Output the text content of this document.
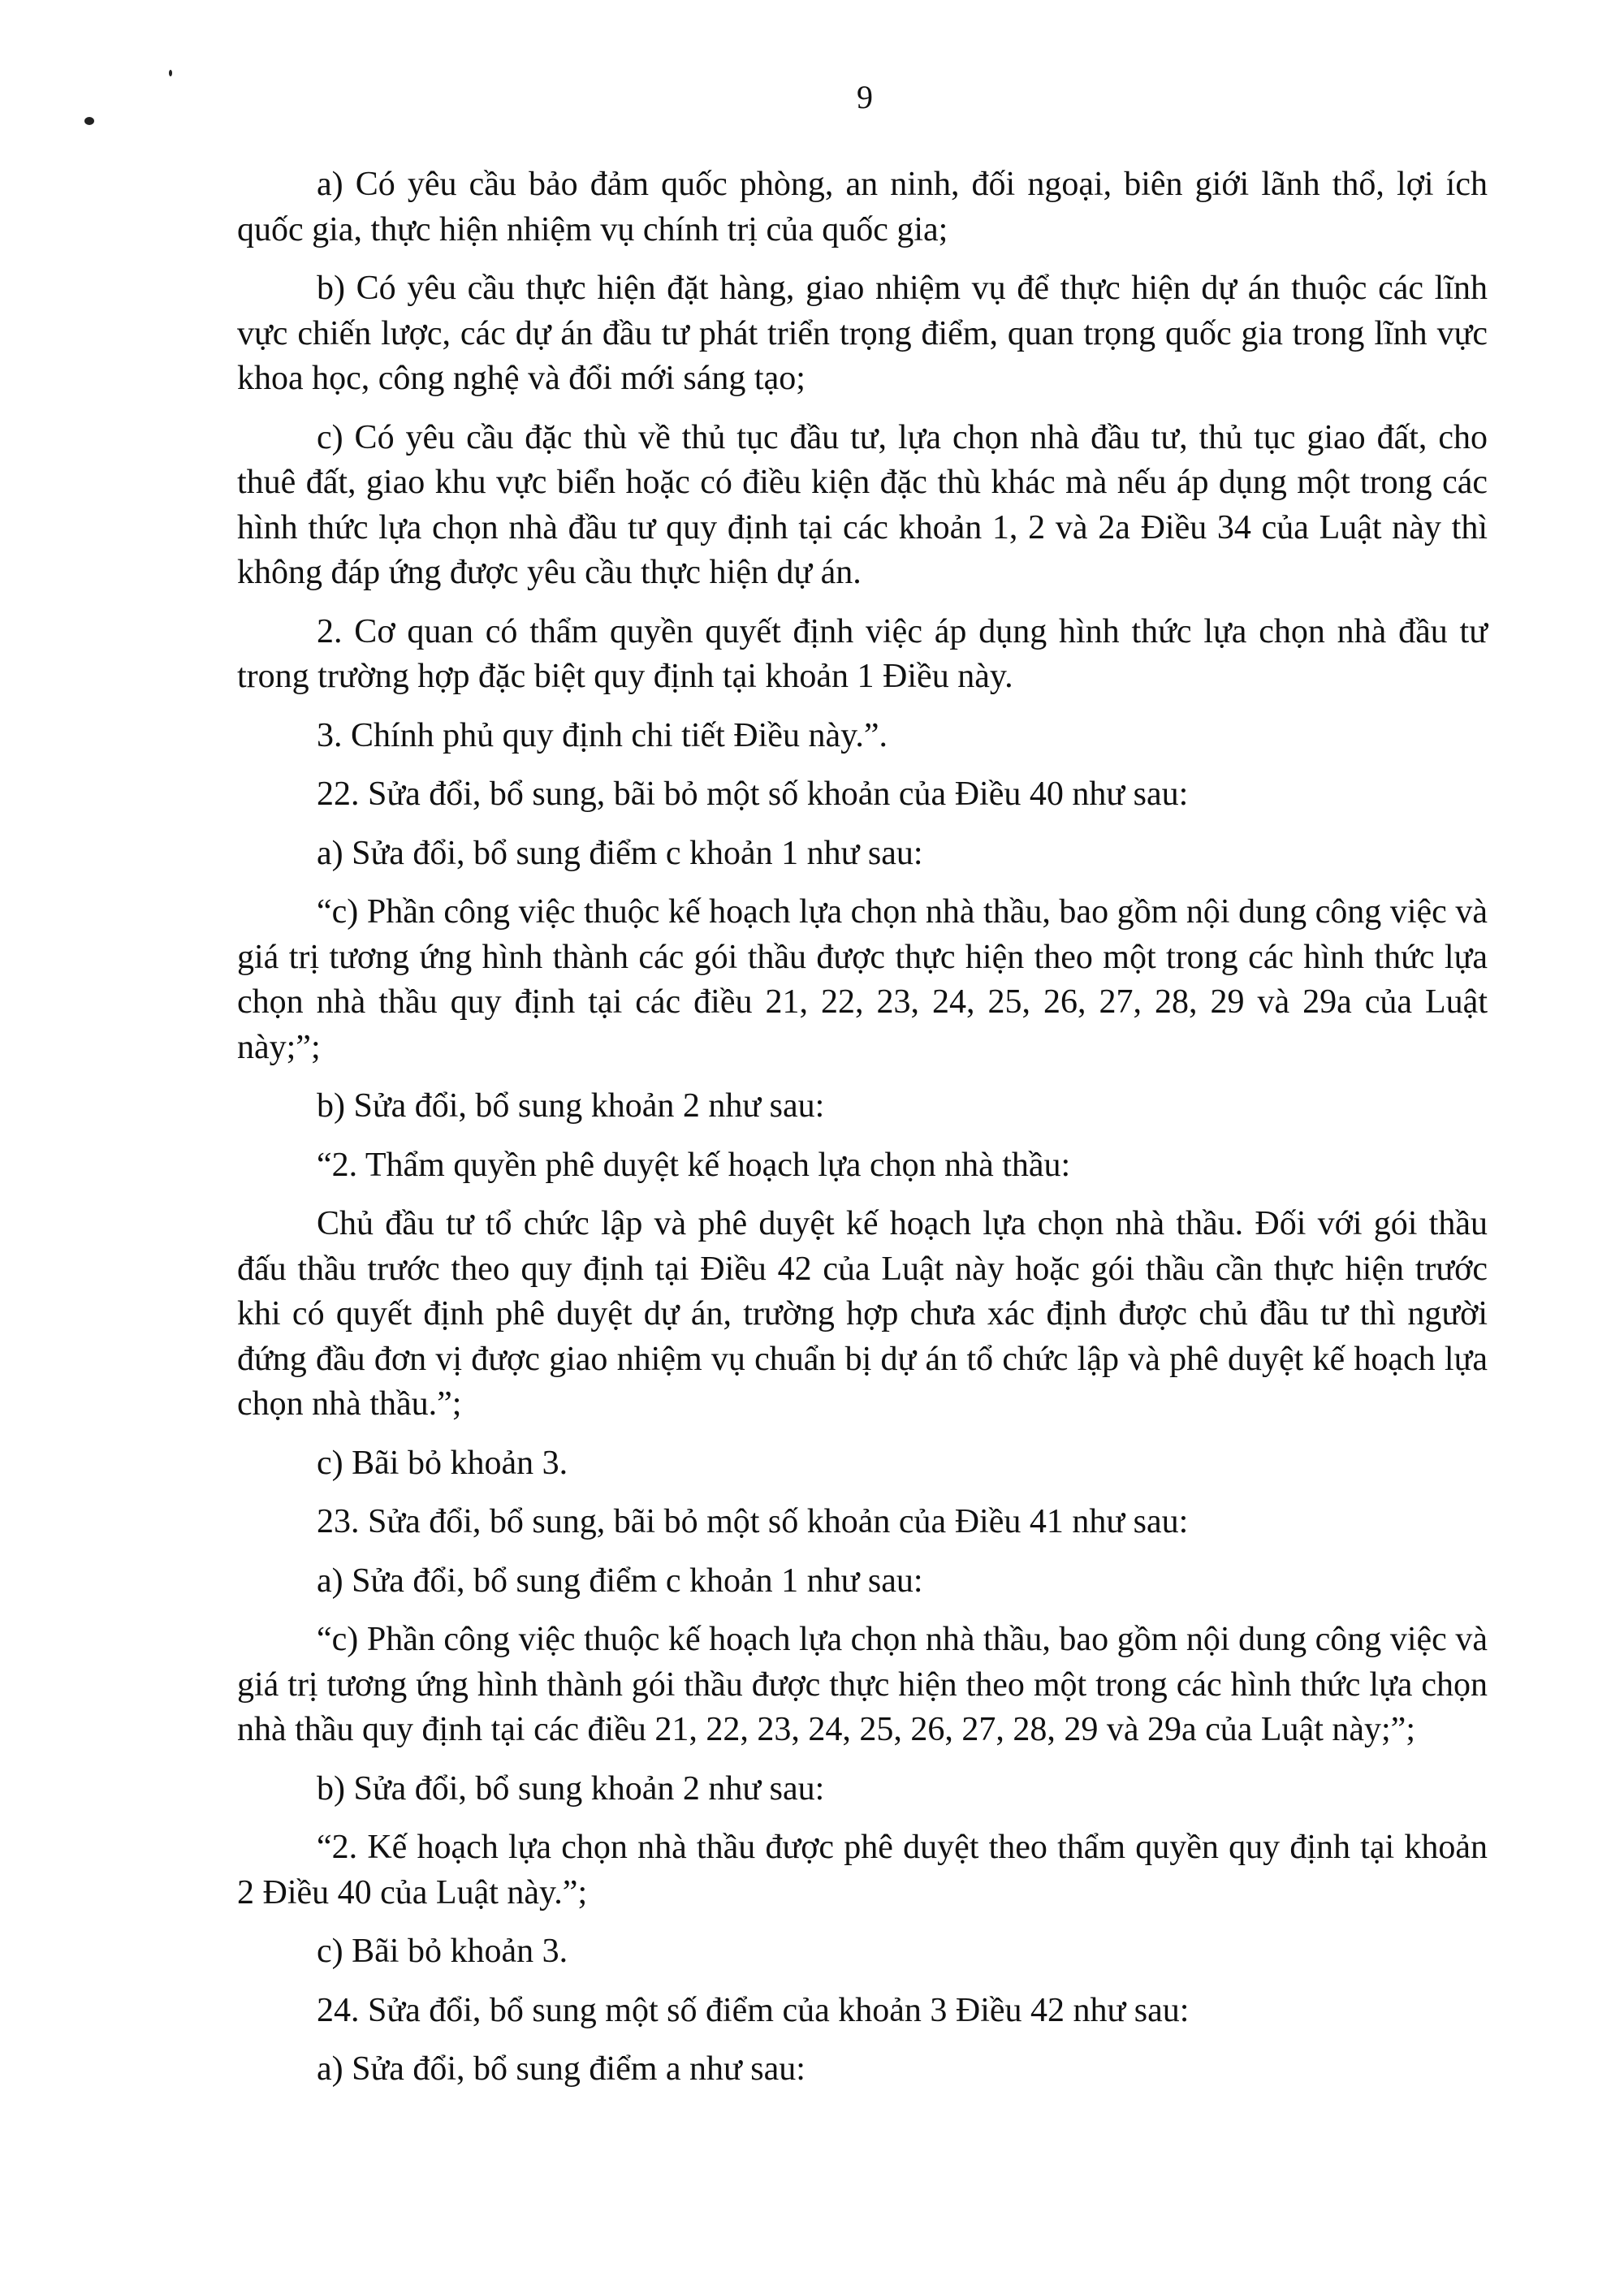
9

a) Có yêu cầu bảo đảm quốc phòng, an ninh, đối ngoại, biên giới lãnh thổ, lợi ích quốc gia, thực hiện nhiệm vụ chính trị của quốc gia;

b) Có yêu cầu thực hiện đặt hàng, giao nhiệm vụ để thực hiện dự án thuộc các lĩnh vực chiến lược, các dự án đầu tư phát triển trọng điểm, quan trọng quốc gia trong lĩnh vực khoa học, công nghệ và đổi mới sáng tạo;

c) Có yêu cầu đặc thù về thủ tục đầu tư, lựa chọn nhà đầu tư, thủ tục giao đất, cho thuê đất, giao khu vực biển hoặc có điều kiện đặc thù khác mà nếu áp dụng một trong các hình thức lựa chọn nhà đầu tư quy định tại các khoản 1, 2 và 2a Điều 34 của Luật này thì không đáp ứng được yêu cầu thực hiện dự án.

2. Cơ quan có thẩm quyền quyết định việc áp dụng hình thức lựa chọn nhà đầu tư trong trường hợp đặc biệt quy định tại khoản 1 Điều này.

3. Chính phủ quy định chi tiết Điều này.”.

22. Sửa đổi, bổ sung, bãi bỏ một số khoản của Điều 40 như sau:

a) Sửa đổi, bổ sung điểm c khoản 1 như sau:

“c) Phần công việc thuộc kế hoạch lựa chọn nhà thầu, bao gồm nội dung công việc và giá trị tương ứng hình thành các gói thầu được thực hiện theo một trong các hình thức lựa chọn nhà thầu quy định tại các điều 21, 22, 23, 24, 25, 26, 27, 28, 29 và 29a của Luật này;”;

b) Sửa đổi, bổ sung khoản 2 như sau:

“2. Thẩm quyền phê duyệt kế hoạch lựa chọn nhà thầu:

Chủ đầu tư tổ chức lập và phê duyệt kế hoạch lựa chọn nhà thầu. Đối với gói thầu đấu thầu trước theo quy định tại Điều 42 của Luật này hoặc gói thầu cần thực hiện trước khi có quyết định phê duyệt dự án, trường hợp chưa xác định được chủ đầu tư thì người đứng đầu đơn vị được giao nhiệm vụ chuẩn bị dự án tổ chức lập và phê duyệt kế hoạch lựa chọn nhà thầu.”;

c) Bãi bỏ khoản 3.

23. Sửa đổi, bổ sung, bãi bỏ một số khoản của Điều 41 như sau:

a) Sửa đổi, bổ sung điểm c khoản 1 như sau:

“c) Phần công việc thuộc kế hoạch lựa chọn nhà thầu, bao gồm nội dung công việc và giá trị tương ứng hình thành gói thầu được thực hiện theo một trong các hình thức lựa chọn nhà thầu quy định tại các điều 21, 22, 23, 24, 25, 26, 27, 28, 29 và 29a của Luật này;”;

b) Sửa đổi, bổ sung khoản 2 như sau:

“2. Kế hoạch lựa chọn nhà thầu được phê duyệt theo thẩm quyền quy định tại khoản 2 Điều 40 của Luật này.”;

c) Bãi bỏ khoản 3.

24. Sửa đổi, bổ sung một số điểm của khoản 3 Điều 42 như sau:

a) Sửa đổi, bổ sung điểm a như sau:
